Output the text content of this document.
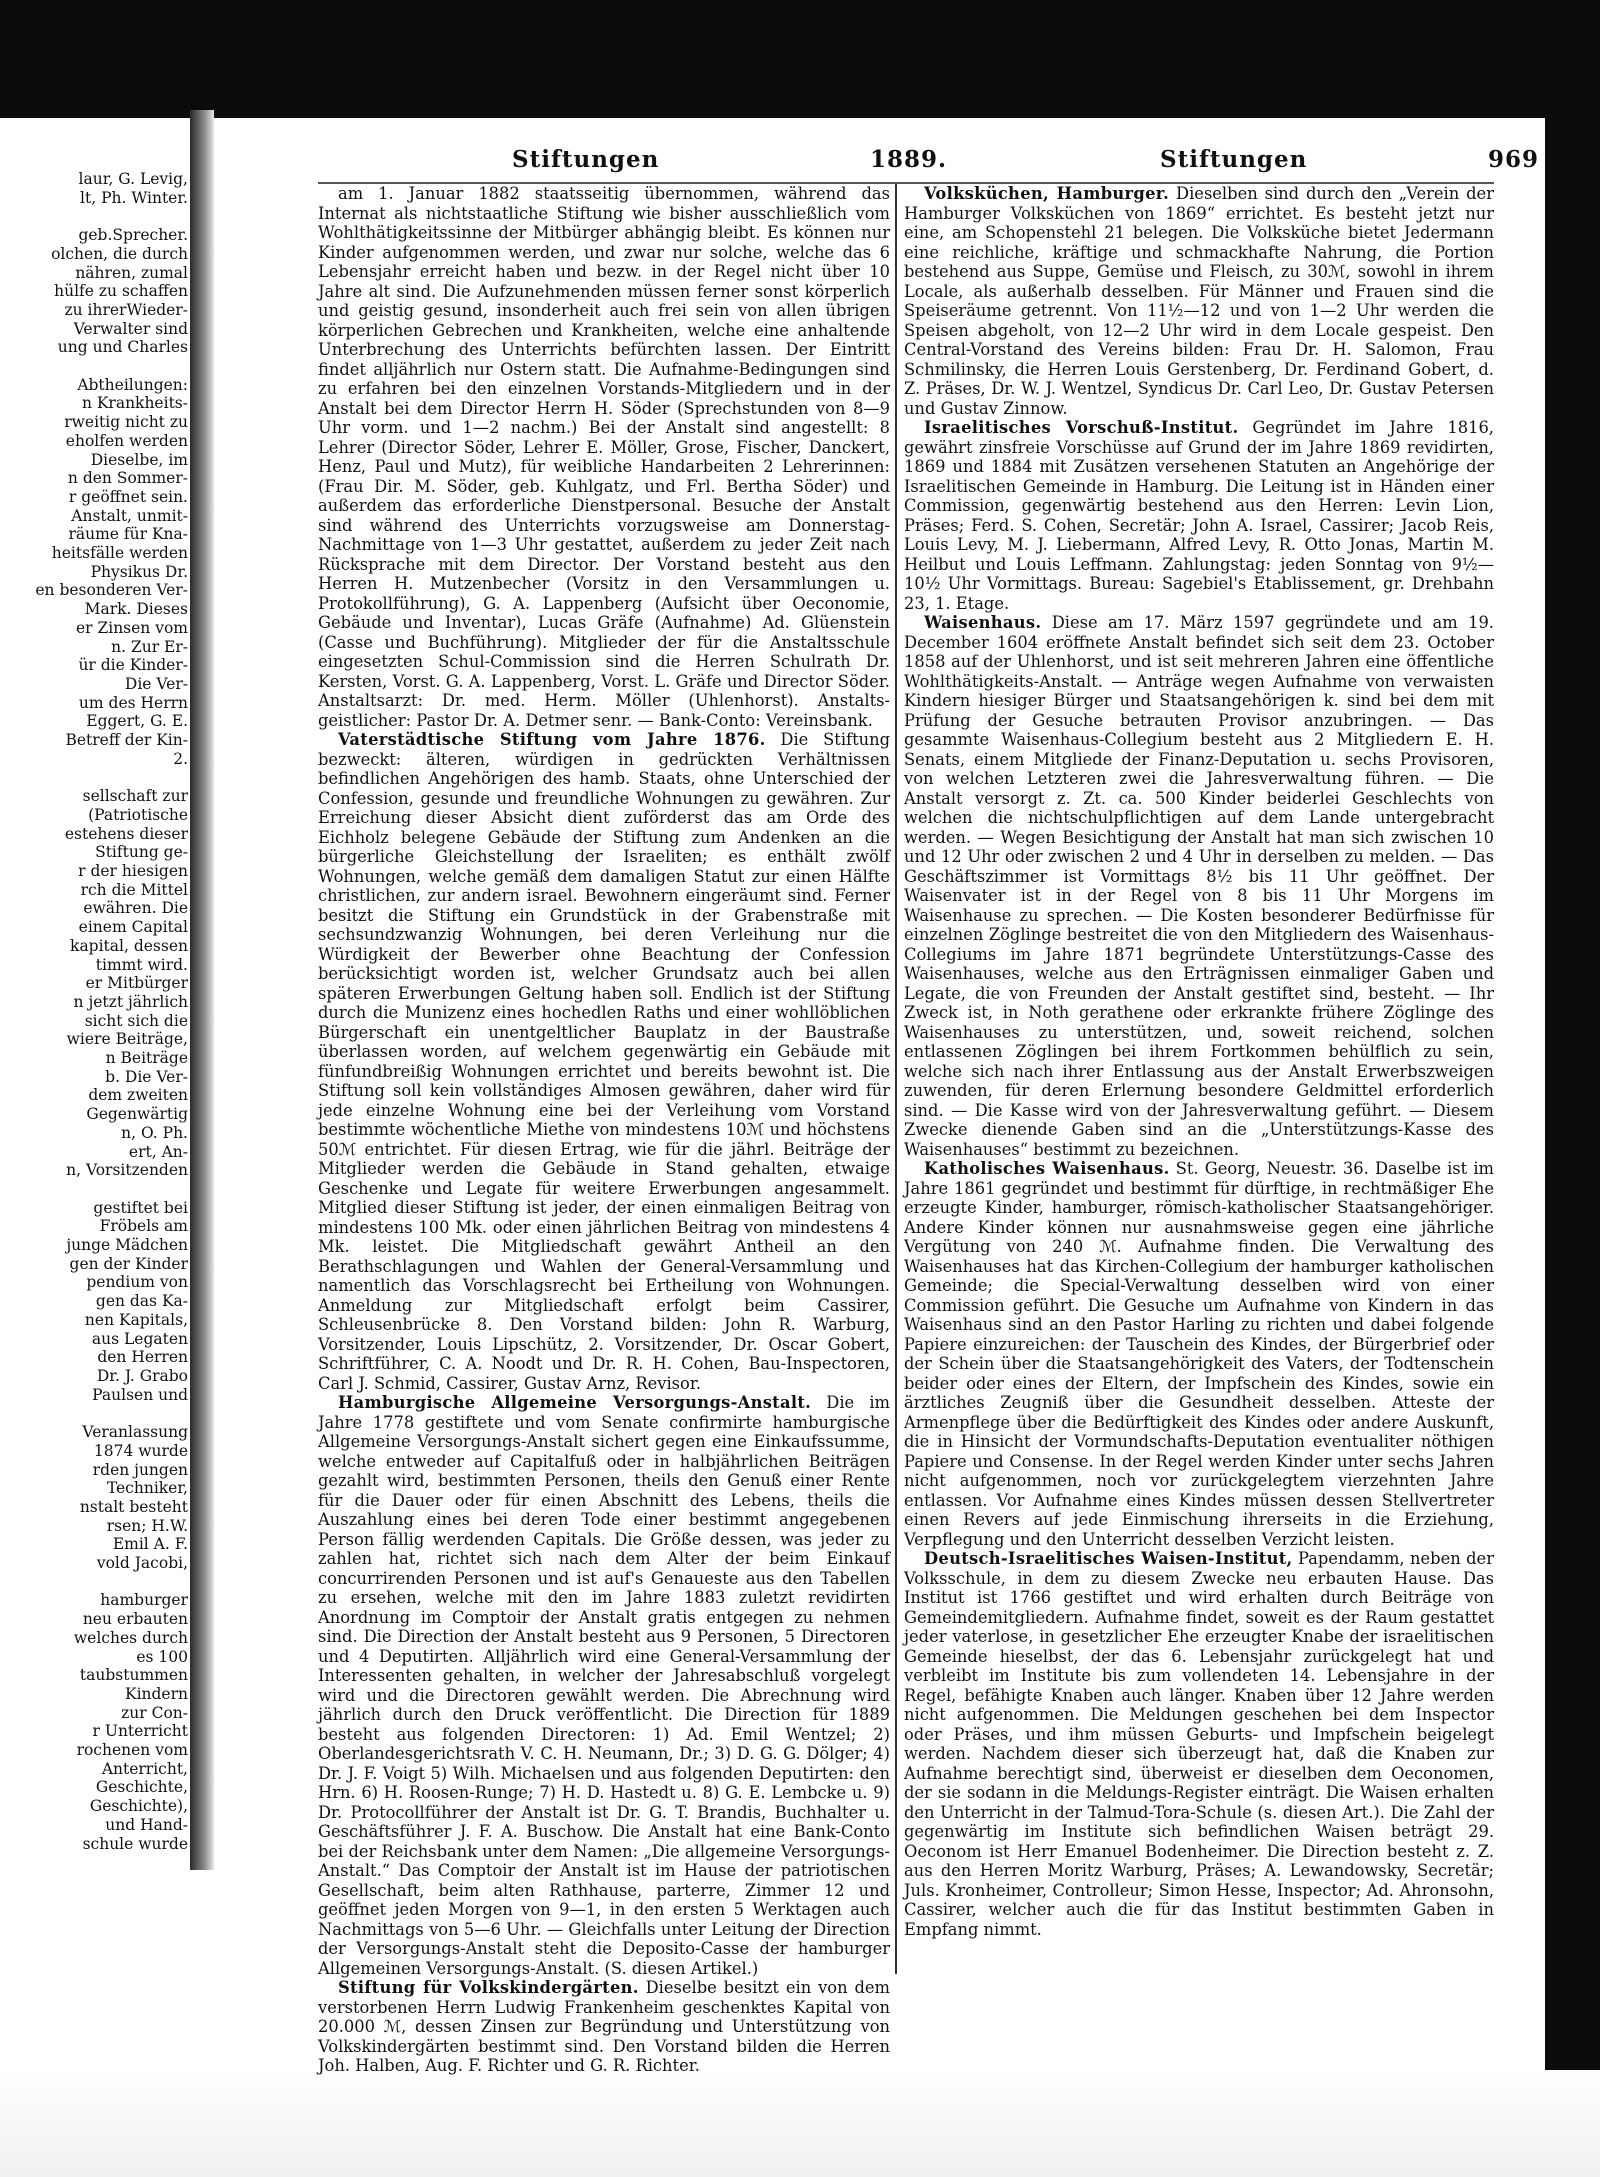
laur, G. Levig,

lt, Ph. Winter.

geb.Sprecher.

olchen, die durch

nähren, zumal

hülfe zu schaffen

zu ihrerWieder-

Verwalter sind

ung und Charles

Abtheilungen:

n Krankheits-

rweitig nicht zu

eholfen werden

Dieselbe, im

n den Sommer-

r geöffnet sein.

Anstalt, unmit-

räume für Kna-

heitsfälle werden

Physikus Dr.

en besonderen Ver-

Mark. Dieses

er Zinsen vom

n. Zur Er-

ür die Kinder-

Die Ver-

um des Herrn

Eggert, G. E.

Betreff der Kin-

2.

sellschaft zur

(Patriotische

estehens dieser

Stiftung ge-

r der hiesigen

rch die Mittel

ewähren. Die

einem Capital

kapital, dessen

timmt wird.

er Mitbürger

n jetzt jährlich

sicht sich die

wiere Beiträge,

n Beiträge

b. Die Ver-

dem zweiten

Gegenwärtig

n, O. Ph.

ert, An-

n, Vorsitzenden

gestiftet bei

Fröbels am

junge Mädchen

gen der Kinder

pendium von

gen das Ka-

nen Kapitals,

aus Legaten

den Herren

Dr. J. Grabo

Paulsen und

Veranlassung

1874 wurde

rden jungen

Techniker,

nstalt besteht

rsen; H.W.

Emil A. F.

vold Jacobi,

hamburger

neu erbauten

welches durch

es 100

taubstummen

Kindern

zur Con-

r Unterricht

rochenen vom

Anterricht,

Geschichte,

Geschichte),

und Hand-

schule wurde

Stiftungen	1889.	Stiftungen	969

am 1. Januar 1882 staatsseitig übernommen, während das Internat als nichtstaatliche Stiftung wie bisher ausschließlich vom Wohlthätigkeitssinne der Mitbürger abhängig bleibt. Es können nur Kinder aufgenommen werden, und zwar nur solche, welche das 6 Lebensjahr erreicht haben und bezw. in der Regel nicht über 10 Jahre alt sind. Die Aufzunehmenden müssen ferner sonst körperlich und geistig gesund, insonderheit auch frei sein von allen übrigen körperlichen Gebrechen und Krankheiten, welche eine anhaltende Unterbrechung des Unterrichts befürchten lassen. Der Eintritt findet alljährlich nur Ostern statt. Die Aufnahme-Bedingungen sind zu erfahren bei den einzelnen Vorstands-Mitgliedern und in der Anstalt bei dem Director Herrn H. Söder (Sprechstunden von 8—9 Uhr vorm. und 1—2 nachm.) Bei der Anstalt sind angestellt: 8 Lehrer (Director Söder, Lehrer E. Möller, Grose, Fischer, Danckert, Henz, Paul und Mutz), für weibliche Handarbeiten 2 Lehrerinnen: (Frau Dir. M. Söder, geb. Kuhlgatz, und Frl. Bertha Söder) und außerdem das erforderliche Dienstpersonal. Besuche der Anstalt sind während des Unterrichts vorzugsweise am Donnerstag-Nachmittage von 1—3 Uhr gestattet, außerdem zu jeder Zeit nach Rücksprache mit dem Director. Der Vorstand besteht aus den Herren H. Mutzenbecher (Vorsitz in den Versammlungen u. Protokollführung), G. A. Lappenberg (Aufsicht über Oeconomie, Gebäude und Inventar), Lucas Gräfe (Aufnahme) Ad. Glüenstein (Casse und Buchführung). Mitglieder der für die Anstaltsschule eingesetzten Schul-Commission sind die Herren Schulrath Dr. Kersten, Vorst. G. A. Lappenberg, Vorst. L. Gräfe und Director Söder. Anstaltsarzt: Dr. med. Herm. Möller (Uhlenhorst). Anstalts-geistlicher: Pastor Dr. A. Detmer senr. — Bank-Conto: Vereinsbank.

Vaterstädtische Stiftung vom Jahre 1876. Die Stiftung bezweckt: älteren, würdigen in gedrückten Verhältnissen befindlichen Angehörigen des hamb. Staats, ohne Unterschied der Confession, gesunde und freundliche Wohnungen zu gewähren. Zur Erreichung dieser Absicht dient zuförderst das am Orde des Eichholz belegene Gebäude der Stiftung zum Andenken an die bürgerliche Gleichstellung der Israeliten; es enthält zwölf Wohnungen, welche gemäß dem damaligen Statut zur einen Hälfte christlichen, zur andern israel. Bewohnern eingeräumt sind. Ferner besitzt die Stiftung ein Grundstück in der Grabenstraße mit sechsundzwanzig Wohnungen, bei deren Verleihung nur die Würdigkeit der Bewerber ohne Beachtung der Confession berücksichtigt worden ist, welcher Grundsatz auch bei allen späteren Erwerbungen Geltung haben soll. Endlich ist der Stiftung durch die Munizenz eines hochedlen Raths und einer wohllöblichen Bürgerschaft ein unentgeltlicher Bauplatz in der Baustraße überlassen worden, auf welchem gegenwärtig ein Gebäude mit fünfundbreißig Wohnungen errichtet und bereits bewohnt ist. Die Stiftung soll kein vollständiges Almosen gewähren, daher wird für jede einzelne Wohnung eine bei der Verleihung vom Vorstand bestimmte wöchentliche Miethe von mindestens 10ℳ und höchstens 50ℳ entrichtet. Für diesen Ertrag, wie für die jährl. Beiträge der Mitglieder werden die Gebäude in Stand gehalten, etwaige Geschenke und Legate für weitere Erwerbungen angesammelt. Mitglied dieser Stiftung ist jeder, der einen einmaligen Beitrag von mindestens 100 Mk. oder einen jährlichen Beitrag von mindestens 4 Mk. leistet. Die Mitgliedschaft gewährt Antheil an den Berathschlagungen und Wahlen der General-Versammlung und namentlich das Vorschlagsrecht bei Ertheilung von Wohnungen. Anmeldung zur Mitgliedschaft erfolgt beim Cassirer, Schleusenbrücke 8. Den Vorstand bilden: John R. Warburg, Vorsitzender, Louis Lipschütz, 2. Vorsitzender, Dr. Oscar Gobert, Schriftführer, C. A. Noodt und Dr. R. H. Cohen, Bau-Inspectoren, Carl J. Schmid, Cassirer, Gustav Arnz, Revisor.

Hamburgische Allgemeine Versorgungs-Anstalt. Die im Jahre 1778 gestiftete und vom Senate confirmirte hamburgische Allgemeine Versorgungs-Anstalt sichert gegen eine Einkaufssumme, welche entweder auf Capitalfuß oder in halbjährlichen Beiträgen gezahlt wird, bestimmten Personen, theils den Genuß einer Rente für die Dauer oder für einen Abschnitt des Lebens, theils die Auszahlung eines bei deren Tode einer bestimmt angegebenen Person fällig werdenden Capitals. Die Größe dessen, was jeder zu zahlen hat, richtet sich nach dem Alter der beim Einkauf concurrirenden Personen und ist auf's Genaueste aus den Tabellen zu ersehen, welche mit den im Jahre 1883 zuletzt revidirten Anordnung im Comptoir der Anstalt gratis entgegen zu nehmen sind. Die Direction der Anstalt besteht aus 9 Personen, 5 Directoren und 4 Deputirten. Alljährlich wird eine General-Versammlung der Interessenten gehalten, in welcher der Jahresabschluß vorgelegt wird und die Directoren gewählt werden. Die Abrechnung wird jährlich durch den Druck veröffentlicht. Die Direction für 1889 besteht aus folgenden Directoren: 1) Ad. Emil Wentzel; 2) Oberlandesgerichtsrath V. C. H. Neumann, Dr.; 3) D. G. G. Dölger; 4) Dr. J. F. Voigt 5) Wilh. Michaelsen und aus folgenden Deputirten: den Hrn. 6) H. Roosen-Runge; 7) H. D. Hastedt u. 8) G. E. Lembcke u. 9) Dr. Protocollführer der Anstalt ist Dr. G. T. Brandis, Buchhalter u. Geschäftsführer J. F. A. Buschow. Die Anstalt hat eine Bank-Conto bei der Reichsbank unter dem Namen: „Die allgemeine Versorgungs-Anstalt.“ Das Comptoir der Anstalt ist im Hause der patriotischen Gesellschaft, beim alten Rathhause, parterre, Zimmer 12 und geöffnet jeden Morgen von 9—1, in den ersten 5 Werktagen auch Nachmittags von 5—6 Uhr. — Gleichfalls unter Leitung der Direction der Versorgungs-Anstalt steht die Deposito-Casse der hamburger Allgemeinen Versorgungs-Anstalt. (S. diesen Artikel.)

Stiftung für Volkskindergärten. Dieselbe besitzt ein von dem verstorbenen Herrn Ludwig Frankenheim geschenktes Kapital von 20.000 ℳ, dessen Zinsen zur Begründung und Unterstützung von Volkskindergärten bestimmt sind. Den Vorstand bilden die Herren Joh. Halben, Aug. F. Richter und G. R. Richter.

Volksküchen, Hamburger. Dieselben sind durch den „Verein der Hamburger Volksküchen von 1869“ errichtet. Es besteht jetzt nur eine, am Schopenstehl 21 belegen. Die Volksküche bietet Jedermann eine reichliche, kräftige und schmackhafte Nahrung, die Portion bestehend aus Suppe, Gemüse und Fleisch, zu 30ℳ, sowohl in ihrem Locale, als außerhalb desselben. Für Männer und Frauen sind die Speiseräume getrennt. Von 11½—12 und von 1—2 Uhr werden die Speisen abgeholt, von 12—2 Uhr wird in dem Locale gespeist. Den Central-Vorstand des Vereins bilden: Frau Dr. H. Salomon, Frau Schmilinsky, die Herren Louis Gerstenberg, Dr. Ferdinand Gobert, d. Z. Präses, Dr. W. J. Wentzel, Syndicus Dr. Carl Leo, Dr. Gustav Petersen und Gustav Zinnow.

Israelitisches Vorschuß-Institut. Gegründet im Jahre 1816, gewährt zinsfreie Vorschüsse auf Grund der im Jahre 1869 revidirten, 1869 und 1884 mit Zusätzen versehenen Statuten an Angehörige der Israelitischen Gemeinde in Hamburg. Die Leitung ist in Händen einer Commission, gegenwärtig bestehend aus den Herren: Levin Lion, Präses; Ferd. S. Cohen, Secretär; John A. Israel, Cassirer; Jacob Reis, Louis Levy, M. J. Liebermann, Alfred Levy, R. Otto Jonas, Martin M. Heilbut und Louis Leffmann. Zahlungstag: jeden Sonntag von 9½—10½ Uhr Vormittags. Bureau: Sagebiel's Etablissement, gr. Drehbahn 23, 1. Etage.

Waisenhaus. Diese am 17. März 1597 gegründete und am 19. December 1604 eröffnete Anstalt befindet sich seit dem 23. October 1858 auf der Uhlenhorst, und ist seit mehreren Jahren eine öffentliche Wohlthätigkeits-Anstalt. — Anträge wegen Aufnahme von verwaisten Kindern hiesiger Bürger und Staatsangehörigen k. sind bei dem mit Prüfung der Gesuche betrauten Provisor anzubringen. — Das gesammte Waisenhaus-Collegium besteht aus 2 Mitgliedern E. H. Senats, einem Mitgliede der Finanz-Deputation u. sechs Provisoren, von welchen Letzteren zwei die Jahresverwaltung führen. — Die Anstalt versorgt z. Zt. ca. 500 Kinder beiderlei Geschlechts von welchen die nichtschulpflichtigen auf dem Lande untergebracht werden. — Wegen Besichtigung der Anstalt hat man sich zwischen 10 und 12 Uhr oder zwischen 2 und 4 Uhr in derselben zu melden. — Das Geschäftszimmer ist Vormittags 8½ bis 11 Uhr geöffnet. Der Waisenvater ist in der Regel von 8 bis 11 Uhr Morgens im Waisenhause zu sprechen. — Die Kosten besonderer Bedürfnisse für einzelnen Zöglinge bestreitet die von den Mitgliedern des Waisenhaus-Collegiums im Jahre 1871 begründete Unterstützungs-Casse des Waisenhauses, welche aus den Erträgnissen einmaliger Gaben und Legate, die von Freunden der Anstalt gestiftet sind, besteht. — Ihr Zweck ist, in Noth gerathene oder erkrankte frühere Zöglinge des Waisenhauses zu unterstützen, und, soweit reichend, solchen entlassenen Zöglingen bei ihrem Fortkommen behülflich zu sein, welche sich nach ihrer Entlassung aus der Anstalt Erwerbszweigen zuwenden, für deren Erlernung besondere Geldmittel erforderlich sind. — Die Kasse wird von der Jahresverwaltung geführt. — Diesem Zwecke dienende Gaben sind an die „Unterstützungs-Kasse des Waisenhauses“ bestimmt zu bezeichnen.

Katholisches Waisenhaus. St. Georg, Neuestr. 36. Daselbe ist im Jahre 1861 gegründet und bestimmt für dürftige, in rechtmäßiger Ehe erzeugte Kinder, hamburger, römisch-katholischer Staatsangehöriger. Andere Kinder können nur ausnahmsweise gegen eine jährliche Vergütung von 240 ℳ. Aufnahme finden. Die Verwaltung des Waisenhauses hat das Kirchen-Collegium der hamburger katholischen Gemeinde; die Special-Verwaltung desselben wird von einer Commission geführt. Die Gesuche um Aufnahme von Kindern in das Waisenhaus sind an den Pastor Harling zu richten und dabei folgende Papiere einzureichen: der Tauschein des Kindes, der Bürgerbrief oder der Schein über die Staatsangehörigkeit des Vaters, der Todtenschein beider oder eines der Eltern, der Impfschein des Kindes, sowie ein ärztliches Zeugniß über die Gesundheit desselben. Atteste der Armenpflege über die Bedürftigkeit des Kindes oder andere Auskunft, die in Hinsicht der Vormundschafts-Deputation eventualiter nöthigen Papiere und Consense. In der Regel werden Kinder unter sechs Jahren nicht aufgenommen, noch vor zurückgelegtem vierzehnten Jahre entlassen. Vor Aufnahme eines Kindes müssen dessen Stellvertreter einen Revers auf jede Einmischung ihrerseits in die Erziehung, Verpflegung und den Unterricht desselben Verzicht leisten.

Deutsch-Israelitisches Waisen-Institut, Papendamm, neben der Volksschule, in dem zu diesem Zwecke neu erbauten Hause. Das Institut ist 1766 gestiftet und wird erhalten durch Beiträge von Gemeindemitgliedern. Aufnahme findet, soweit es der Raum gestattet jeder vaterlose, in gesetzlicher Ehe erzeugter Knabe der israelitischen Gemeinde hieselbst, der das 6. Lebensjahr zurückgelegt hat und verbleibt im Institute bis zum vollendeten 14. Lebensjahre in der Regel, befähigte Knaben auch länger. Knaben über 12 Jahre werden nicht aufgenommen. Die Meldungen geschehen bei dem Inspector oder Präses, und ihm müssen Geburts- und Impfschein beigelegt werden. Nachdem dieser sich überzeugt hat, daß die Knaben zur Aufnahme berechtigt sind, überweist er dieselben dem Oeconomen, der sie sodann in die Meldungs-Register einträgt. Die Waisen erhalten den Unterricht in der Talmud-Tora-Schule (s. diesen Art.). Die Zahl der gegenwärtig im Institute sich befindlichen Waisen beträgt 29. Oeconom ist Herr Emanuel Bodenheimer. Die Direction besteht z. Z. aus den Herren Moritz Warburg, Präses; A. Lewandowsky, Secretär; Juls. Kronheimer, Controlleur; Simon Hesse, Inspector; Ad. Ahronsohn, Cassirer, welcher auch die für das Institut bestimmten Gaben in Empfang nimmt.
